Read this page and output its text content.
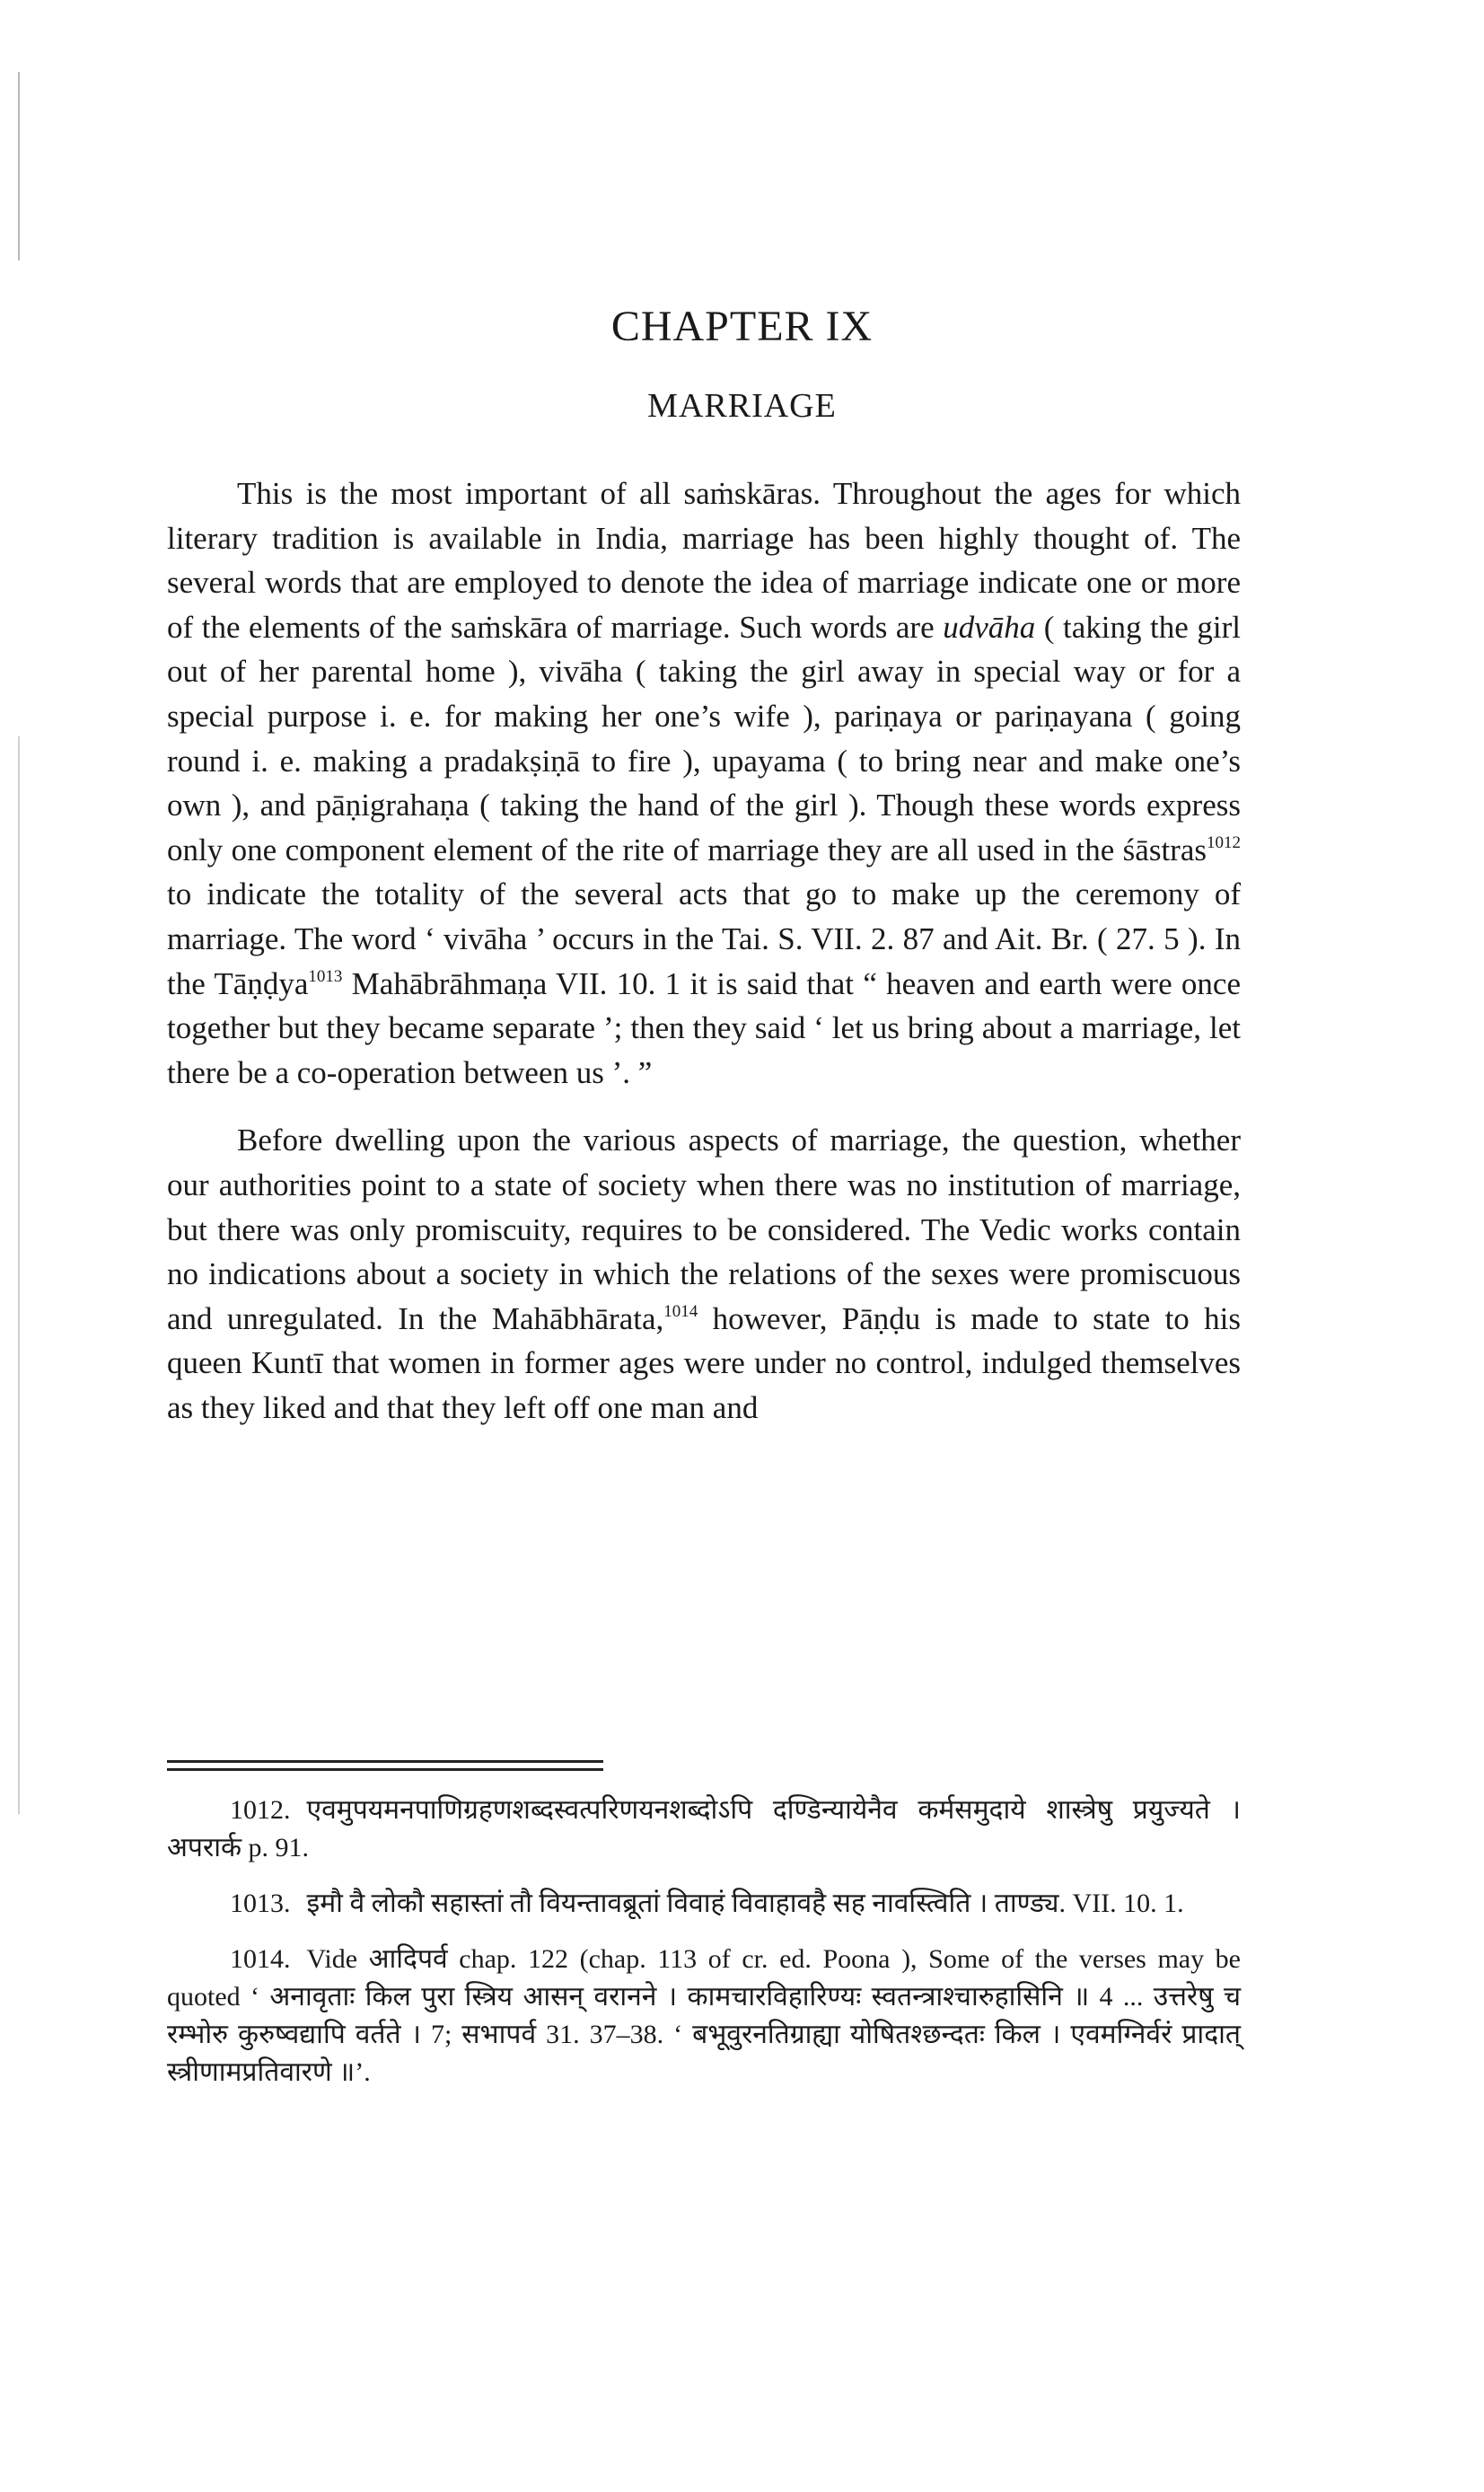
CHAPTER IX
MARRIAGE

This is the most important of all saṁskāras. Throughout the ages for which literary tradition is available in India, marriage has been highly thought of. The several words that are employed to denote the idea of marriage indicate one or more of the elements of the saṁskāra of marriage. Such words are udvāha ( taking the girl out of her parental home ), vivāha ( taking the girl away in special way or for a special purpose i. e. for making her one’s wife ), pariṇaya or pariṇayana ( going round i. e. making a pradakṣiṇā to fire ), upayama ( to bring near and make one’s own ), and pāṇigrahaṇa ( taking the hand of the girl ). Though these words express only one component element of the rite of marriage they are all used in the śāstras$^{1012}$ to indicate the totality of the several acts that go to make up the ceremony of marriage. The word ‘ vivāha ’ occurs in the Tai. S. VII. 2. 87 and Ait. Br. ( 27. 5 ). In the Tāṇḍya$^{1013}$ Mahābrāhmaṇa VII. 10. 1 it is said that “ heaven and earth were once together but they became separate ’; then they said ‘ let us bring about a marriage, let there be a co-operation between us ’. ”

Before dwelling upon the various aspects of marriage, the question, whether our authorities point to a state of society when there was no institution of marriage, but there was only promiscuity, requires to be considered. The Vedic works contain no indications about a society in which the relations of the sexes were promiscuous and unregulated. In the Mahābhārata,$^{1014}$ however, Pāṇḍu is made to state to his queen Kuntī that women in former ages were under no control, indulged themselves as they liked and that they left off one man and

1012. एवमुपयमनपाणिग्रहणशब्दस्वत्परिणयनशब्दोऽपि दण्डिन्यायेनैव कर्मसमुदाये शास्त्रेषु प्रयुज्यते । अपरार्क p. 91.

1013. इमौ वै लोकौ सहास्तां तौ वियन्तावब्रूतां विवाहं विवाहावहै सह नावस्त्विति । ताण्ड्य. VII. 10. 1.

1014. Vide आदिपर्व chap. 122 (chap. 113 of cr. ed. Poona ), Some of the verses may be quoted ‘ अनावृताः किल पुरा स्त्रिय आसन् वरानने । कामचारविहारिण्यः स्वतन्त्राश्चारुहासिनि ॥ 4 ... उत्तरेषु च रम्भोरु कुरुष्वद्यापि वर्तते । 7; सभापर्व 31. 37–38. ‘ बभूवुरनतिग्राह्या योषितश्छन्दतः किल । एवमग्निर्वरं प्रादात् स्त्रीणामप्रतिवारणे ॥’.
